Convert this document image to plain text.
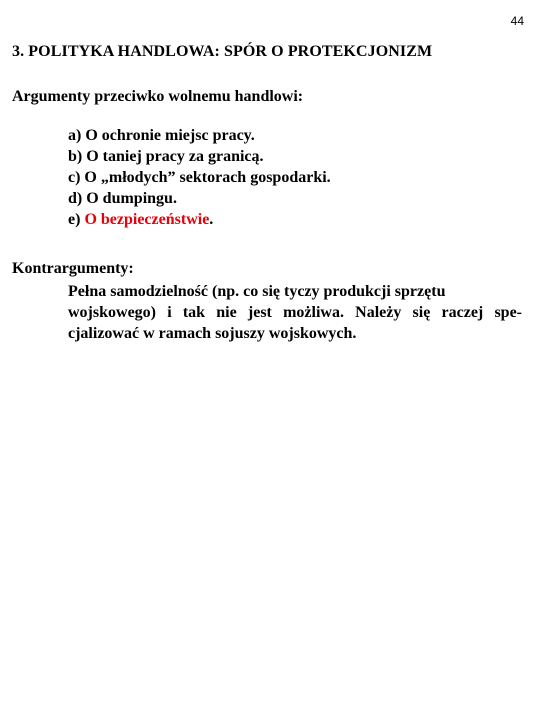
44
3. POLITYKA HANDLOWA: SPÓR O PROTEKCJONIZM
Argumenty przeciwko wolnemu handlowi:
a) O ochronie miejsc pracy.
b) O taniej pracy za granicą.
c) O „młodych” sektorach gospodarki.
d) O dumpingu.
e) O bezpieczeństwie.
Kontrargumenty:
Pełna samodzielność (np. co się tyczy produkcji sprzętu
wojskowego) i tak nie jest możliwa. Należy się raczej spe-
cjalizować w ramach sojuszy wojskowych.
